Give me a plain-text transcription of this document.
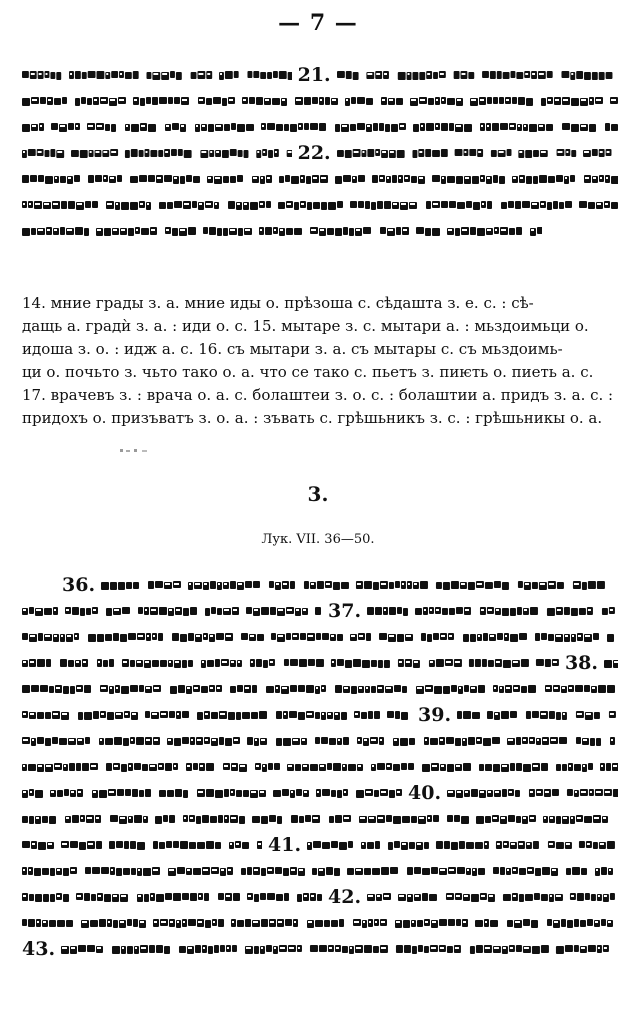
— 7 —
21.
22.
14. мние грады з. а. мние иды о. прѣзоша с. сѣдашта з. е. с. : сѣ-
дащь а. градѝ з. а. : иди о. с. 15. мытаре з. с. мытари а. : мьздоимьци о.
идоша з. о. : идж а. с. 16. съ мытари з. а. съ мытары с. съ мьздоимь-
ци о. почьто з. чьто тако о. а. что се тако с. пьетъ з. пиѥть о. пиеть а. с.
17. врачевъ з. : врача о. а. с. болаштеи з. о. с. : болаштии а. придъ з. а. с. :
придохъ о. призъватъ з. о. а. : зъвать с. грѣшьникъ з. с. : грѣшьникы о. а.
3.
Лук. VII. 36—50.
36.
37.
38.
39.
40.
41.
42.
43.
